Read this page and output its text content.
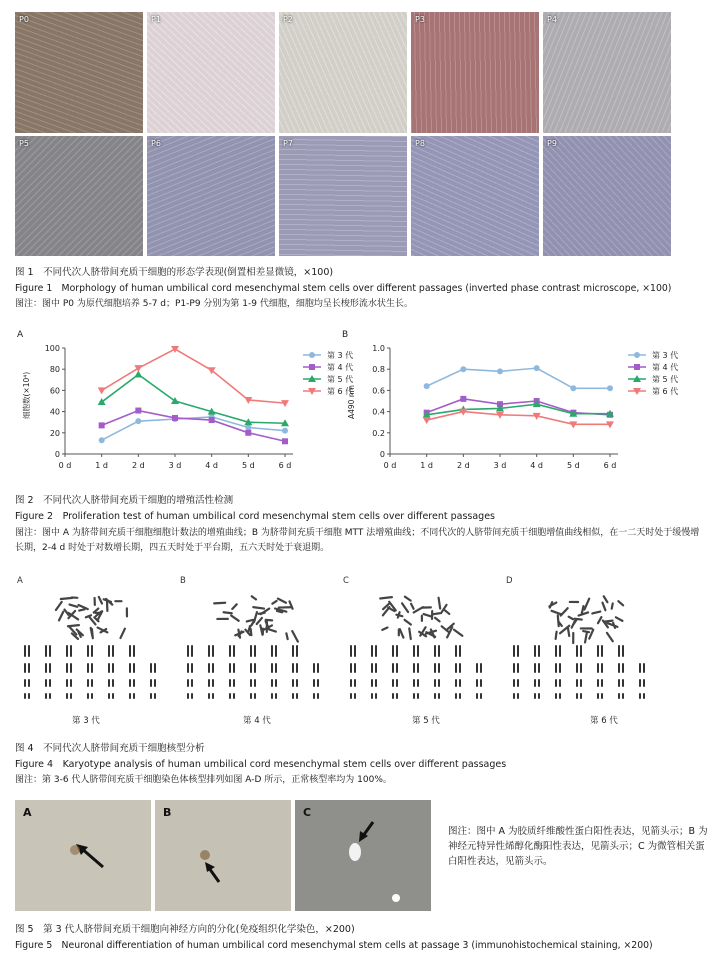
P0	P1	P2	P3	P4
P5	P6	P7	P8	P9
图 1　不同代次人脐带间充质干细胞的形态学表现(倒置相差显微镜，×100)
Figure 1　Morphology of human umbilical cord mesenchymal stem cells over different passages (inverted phase contrast microscope, ×100)
图注：图中 P0 为原代细胞培养 5-7 d；P1-P9 分别为第 1-9 代细胞，细胞均呈长梭形流水状生长。
A
0
20
40
60
80
100
0 d	1 d	2 d	3 d	4 d	5 d	6 d
细胞数(×10⁴)
第 3 代
第 4 代
第 5 代
第 6 代
B
0
0.2
0.4
0.6
0.8
1.0
0 d	1 d	2 d	3 d	4 d	5 d	6 d
A490 nm
第 3 代
第 4 代
第 5 代
第 6 代
图 2　不同代次人脐带间充质干细胞的增殖活性检测
Figure 2　Proliferation test of human umbilical cord mesenchymal stem cells over different passages
图注：图中 A 为脐带间充质干细胞细胞计数法的增殖曲线；B 为脐带间充质干细胞 MTT 法增殖曲线；不同代次的人脐带间充质干细胞增值曲线相似，在一二天时处于缓慢增长期，2-4 d 时处于对数增长期，四五天时处于平台期，五六天时处于衰退期。
A	B	C	D
第 3 代	第 4 代	第 5 代	第 6 代
图 4　不同代次人脐带间充质干细胞核型分析
Figure 4　Karyotype analysis of human umbilical cord mesenchymal stem cells over different passages
图注：第 3-6 代人脐带间充质干细胞染色体核型排列如图 A-D 所示，正常核型率均为 100%。
A	B	C
图注：图中 A 为胶质纤维酸性蛋白阳性表达，见箭头示；B 为神经元特异性烯醇化酶阳性表达，见箭头示；C 为微管相关蛋白阳性表达，见箭头示。
图 5　第 3 代人脐带间充质干细胞向神经方向的分化(免疫组织化学染色，×200)
Figure 5　Neuronal differentiation of human umbilical cord mesenchymal stem cells at passage 3 (immunohistochemical staining, ×200)
